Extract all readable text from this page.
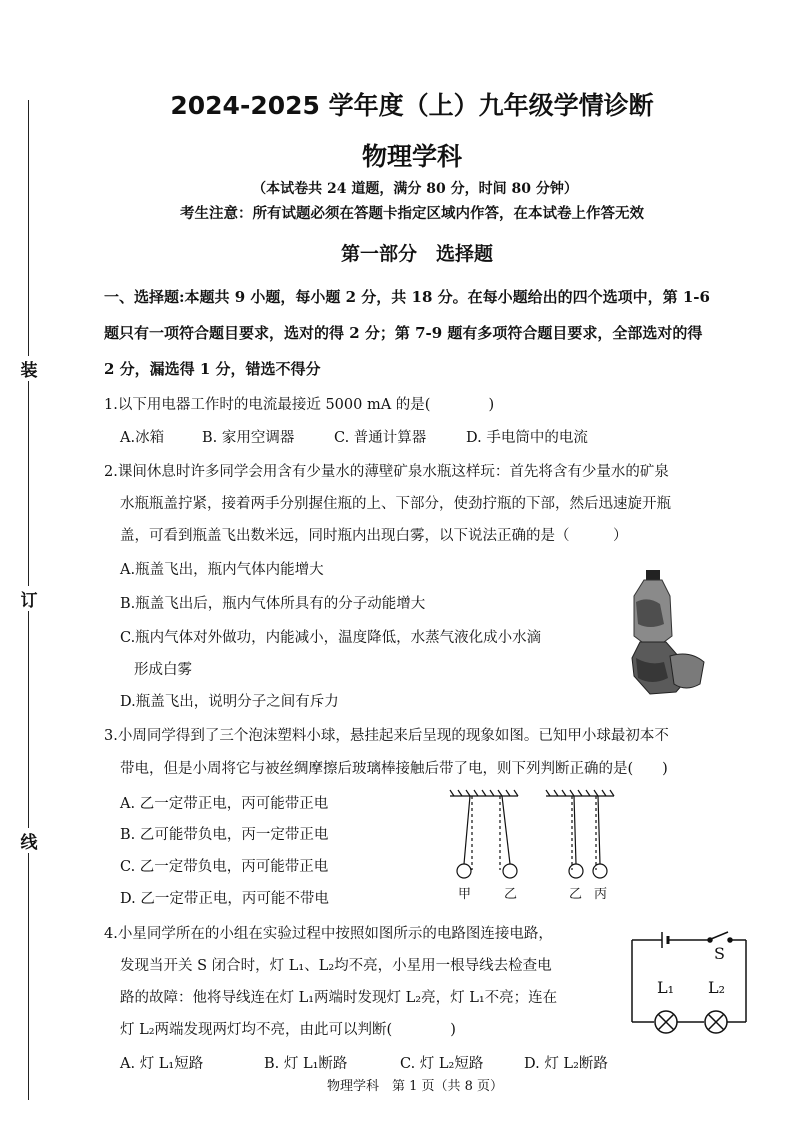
装
订
线
2024-2025 学年度（上）九年级学情诊断
物理学科
（本试卷共 24 道题，满分 80 分，时间 80 分钟）
考生注意：所有试题必须在答题卡指定区域内作答，在本试卷上作答无效
第一部分　选择题
一、选择题:本题共 9 小题，每小题 2 分，共 18 分。在每小题给出的四个选项中，第 1-6
题只有一项符合题目要求，选对的得 2 分；第 7-9 题有多项符合题目要求，全部选对的得
2 分，漏选得 1 分，错选不得分
1.以下用电器工作时的电流最接近 5000 mA 的是(　　　　)
A.冰箱	B. 家用空调器	C. 普通计算器	D. 手电筒中的电流
2.课间休息时许多同学会用含有少量水的薄壁矿泉水瓶这样玩：首先将含有少量水的矿泉
水瓶瓶盖拧紧，接着两手分别握住瓶的上、下部分，使劲拧瓶的下部，然后迅速旋开瓶
盖，可看到瓶盖飞出数米远，同时瓶内出现白雾，以下说法正确的是（　　　）
A.瓶盖飞出，瓶内气体内能增大
B.瓶盖飞出后，瓶内气体所具有的分子动能增大
C.瓶内气体对外做功，内能减小，温度降低，水蒸气液化成小水滴
形成白雾
D.瓶盖飞出，说明分子之间有斥力
3.小周同学得到了三个泡沫塑料小球，悬挂起来后呈现的现象如图。已知甲小球最初本不
带电，但是小周将它与被丝绸摩擦后玻璃棒接触后带了电，则下列判断正确的是(　　)
A. 乙一定带正电，丙可能带正电
B. 乙可能带负电，丙一定带正电
C. 乙一定带负电，丙可能带正电
D. 乙一定带正电，丙可能不带电	甲	乙	乙 丙
4.小星同学所在的小组在实验过程中按照如图所示的电路图连接电路，
发现当开关 S 闭合时，灯 L₁、L₂均不亮，小星用一根导线去检查电
路的故障：他将导线连在灯 L₁两端时发现灯 L₂亮，灯 L₁不亮；连在
灯 L₂两端发现两灯均不亮，由此可以判断(　　　　)
A. 灯 L₁短路	B. 灯 L₁断路	C. 灯 L₂短路	D. 灯 L₂断路
S
L₁ L₂
物理学科　第 1 页（共 8 页）
